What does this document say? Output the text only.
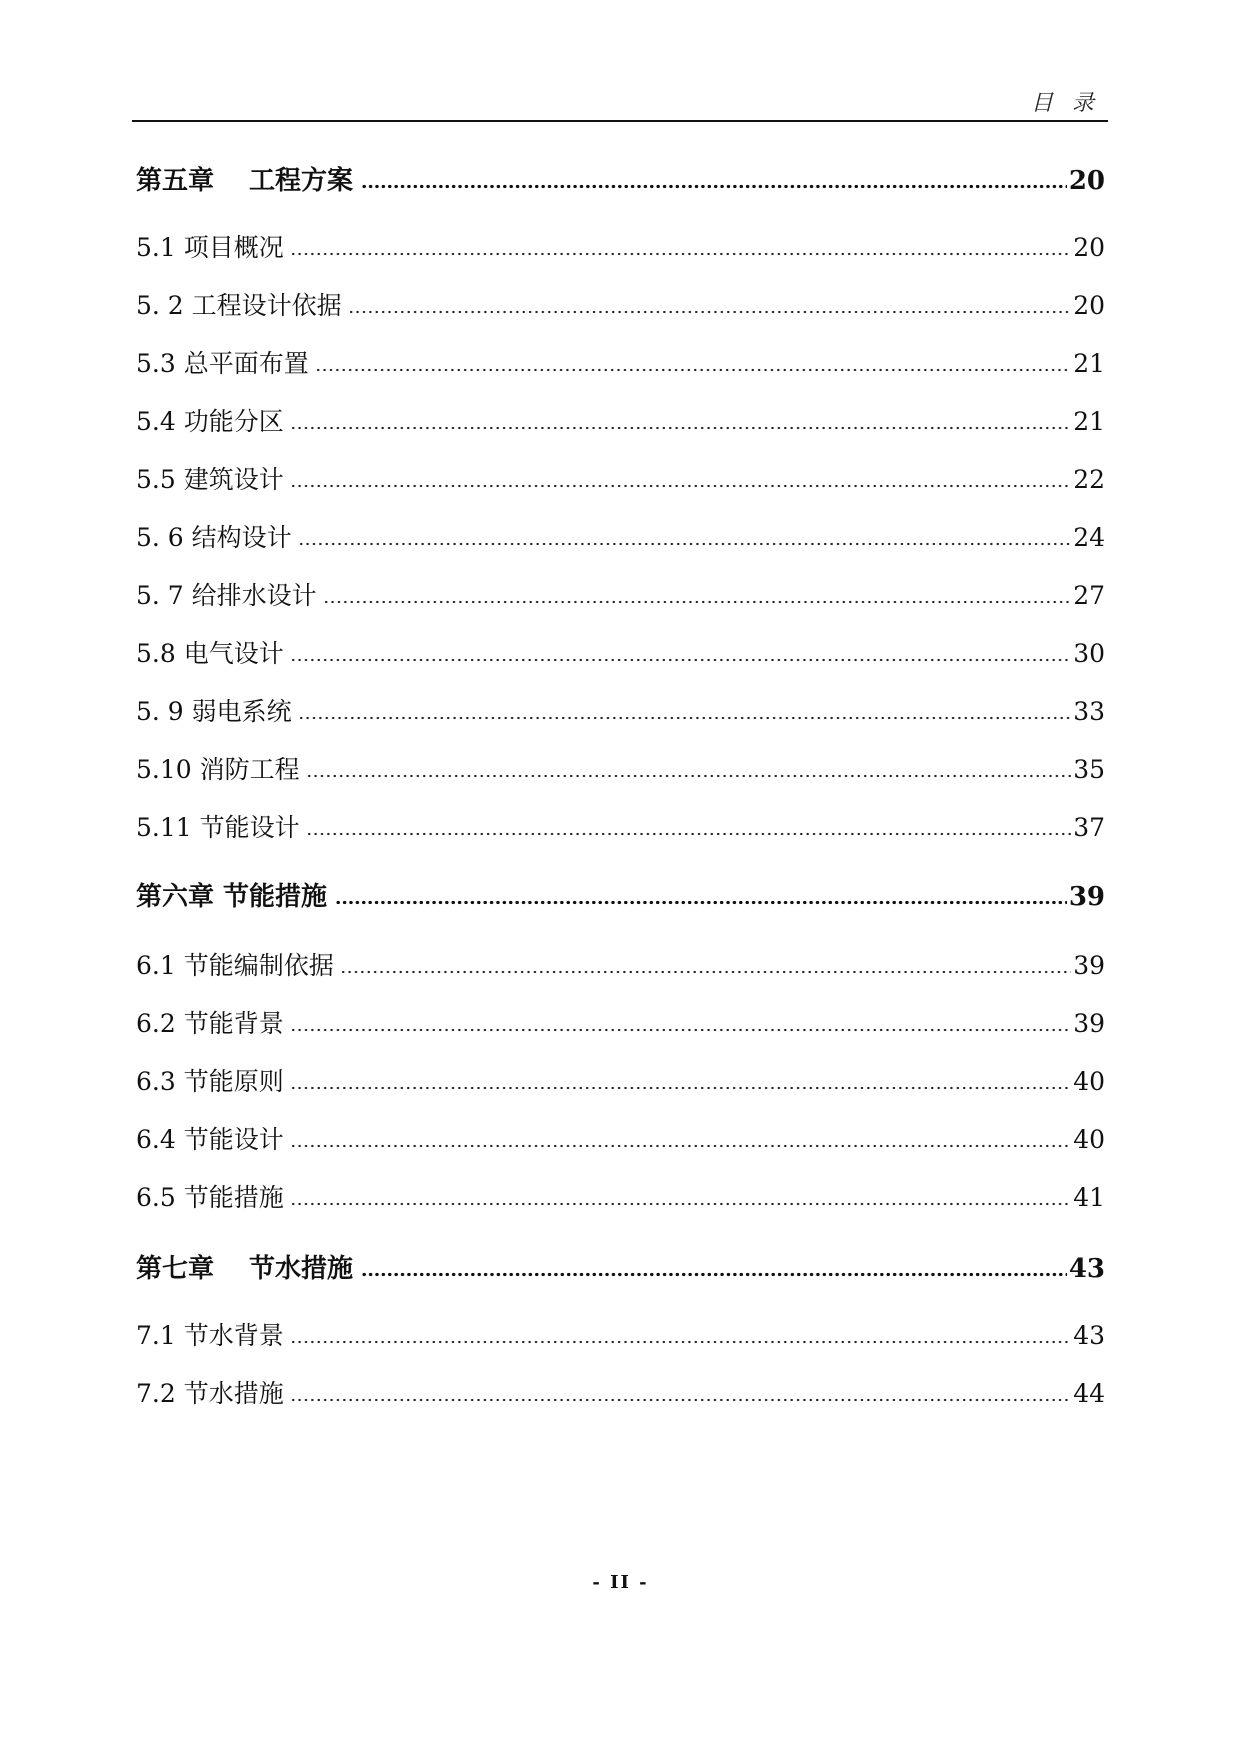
目 录
第五章　 工程方案	20
5.1 项目概况	20
5. 2 工程设计依据	20
5.3 总平面布置	21
5.4 功能分区	21
5.5 建筑设计	22
5. 6 结构设计	24
5. 7 给排水设计	27
5.8 电气设计	30
5. 9 弱电系统	33
5.10 消防工程	35
5.11 节能设计	37
第六章 节能措施	39
6.1 节能编制依据	39
6.2 节能背景	39
6.3 节能原则	40
6.4 节能设计	40
6.5 节能措施	41
第七章　 节水措施	43
7.1 节水背景	43
7.2 节水措施	44
- II -
